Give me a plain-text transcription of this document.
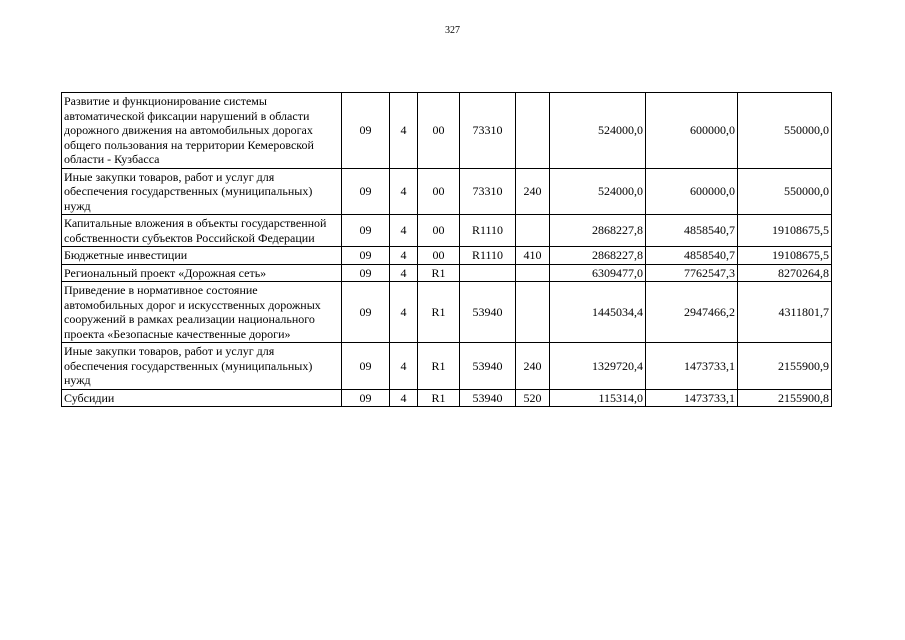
327
Развитие и функционирование системы автоматической фиксации нарушений в области дорожного движения на автомобильных дорогах общего пользования на территории Кемеровской области - Кузбасса	09	4	00	73310		524000,0	600000,0	550000,0
Иные закупки товаров, работ и услуг для обеспечения государственных (муниципальных) нужд	09	4	00	73310	240	524000,0	600000,0	550000,0
Капитальные вложения в объекты государственной собственности субъектов Российской Федерации	09	4	00	R1110		2868227,8	4858540,7	19108675,5
Бюджетные инвестиции	09	4	00	R1110	410	2868227,8	4858540,7	19108675,5
Региональный проект «Дорожная сеть»	09	4	R1			6309477,0	7762547,3	8270264,8
Приведение в нормативное состояние автомобильных дорог и искусственных дорожных сооружений в рамках реализации национального проекта «Безопасные качественные дороги»	09	4	R1	53940		1445034,4	2947466,2	4311801,7
Иные закупки товаров, работ и услуг для обеспечения государственных (муниципальных) нужд	09	4	R1	53940	240	1329720,4	1473733,1	2155900,9
Субсидии	09	4	R1	53940	520	115314,0	1473733,1	2155900,8
